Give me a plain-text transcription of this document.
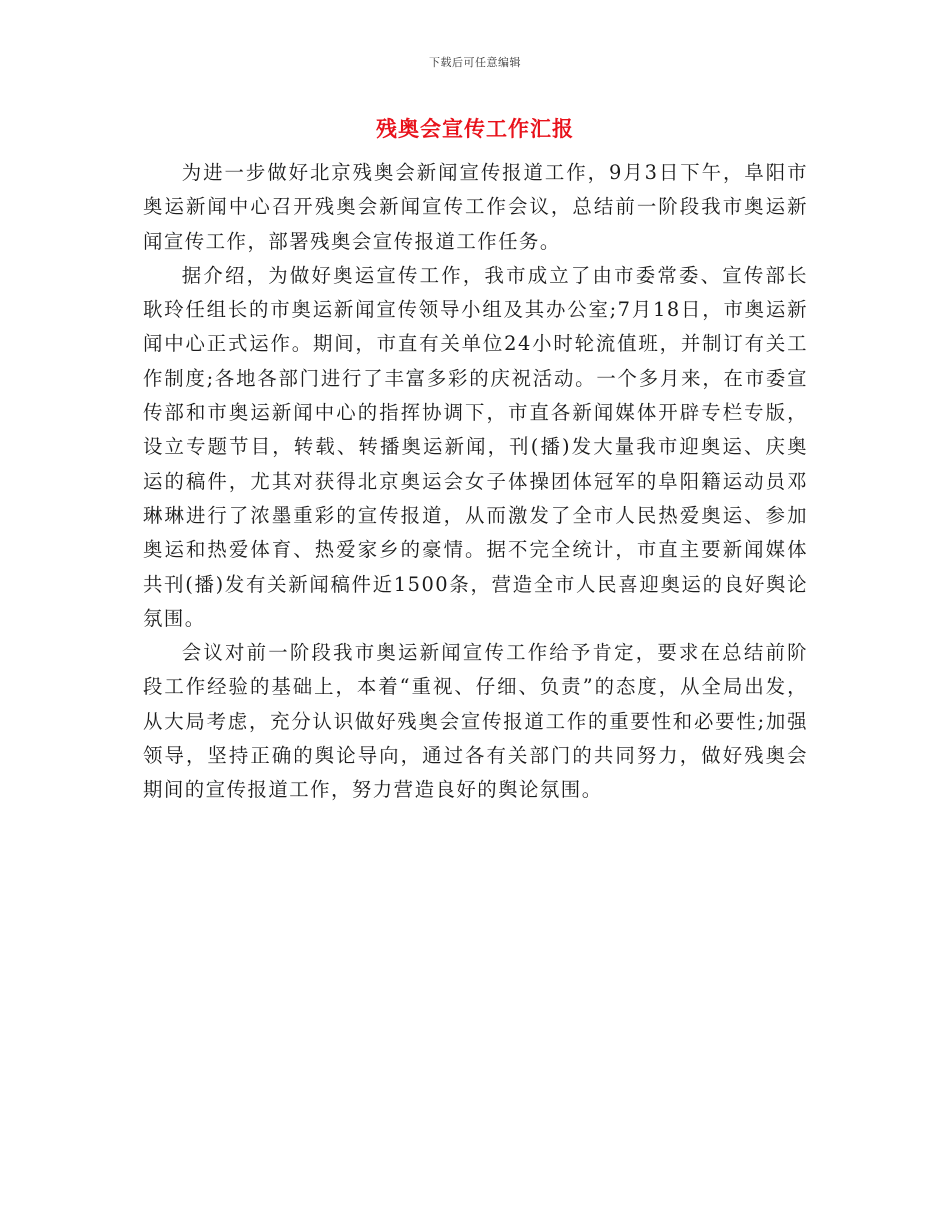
下载后可任意编辑
残奥会宣传工作汇报

为进一步做好北京残奥会新闻宣传报道工作，9月3日下午，阜阳市奥运新闻中心召开残奥会新闻宣传工作会议，总结前一阶段我市奥运新闻宣传工作，部署残奥会宣传报道工作任务。

据介绍，为做好奥运宣传工作，我市成立了由市委常委、宣传部长耿玲任组长的市奥运新闻宣传领导小组及其办公室;7月18日，市奥运新闻中心正式运作。期间，市直有关单位24小时轮流值班，并制订有关工作制度;各地各部门进行了丰富多彩的庆祝活动。一个多月来，在市委宣传部和市奥运新闻中心的指挥协调下，市直各新闻媒体开辟专栏专版，设立专题节目，转载、转播奥运新闻，刊(播)发大量我市迎奥运、庆奥运的稿件，尤其对获得北京奥运会女子体操团体冠军的阜阳籍运动员邓琳琳进行了浓墨重彩的宣传报道，从而激发了全市人民热爱奥运、参加奥运和热爱体育、热爱家乡的豪情。据不完全统计，市直主要新闻媒体共刊(播)发有关新闻稿件近1500条，营造全市人民喜迎奥运的良好舆论氛围。

会议对前一阶段我市奥运新闻宣传工作给予肯定，要求在总结前阶段工作经验的基础上，本着“重视、仔细、负责”的态度，从全局出发，从大局考虑，充分认识做好残奥会宣传报道工作的重要性和必要性;加强领导，坚持正确的舆论导向，通过各有关部门的共同努力，做好残奥会期间的宣传报道工作，努力营造良好的舆论氛围。
